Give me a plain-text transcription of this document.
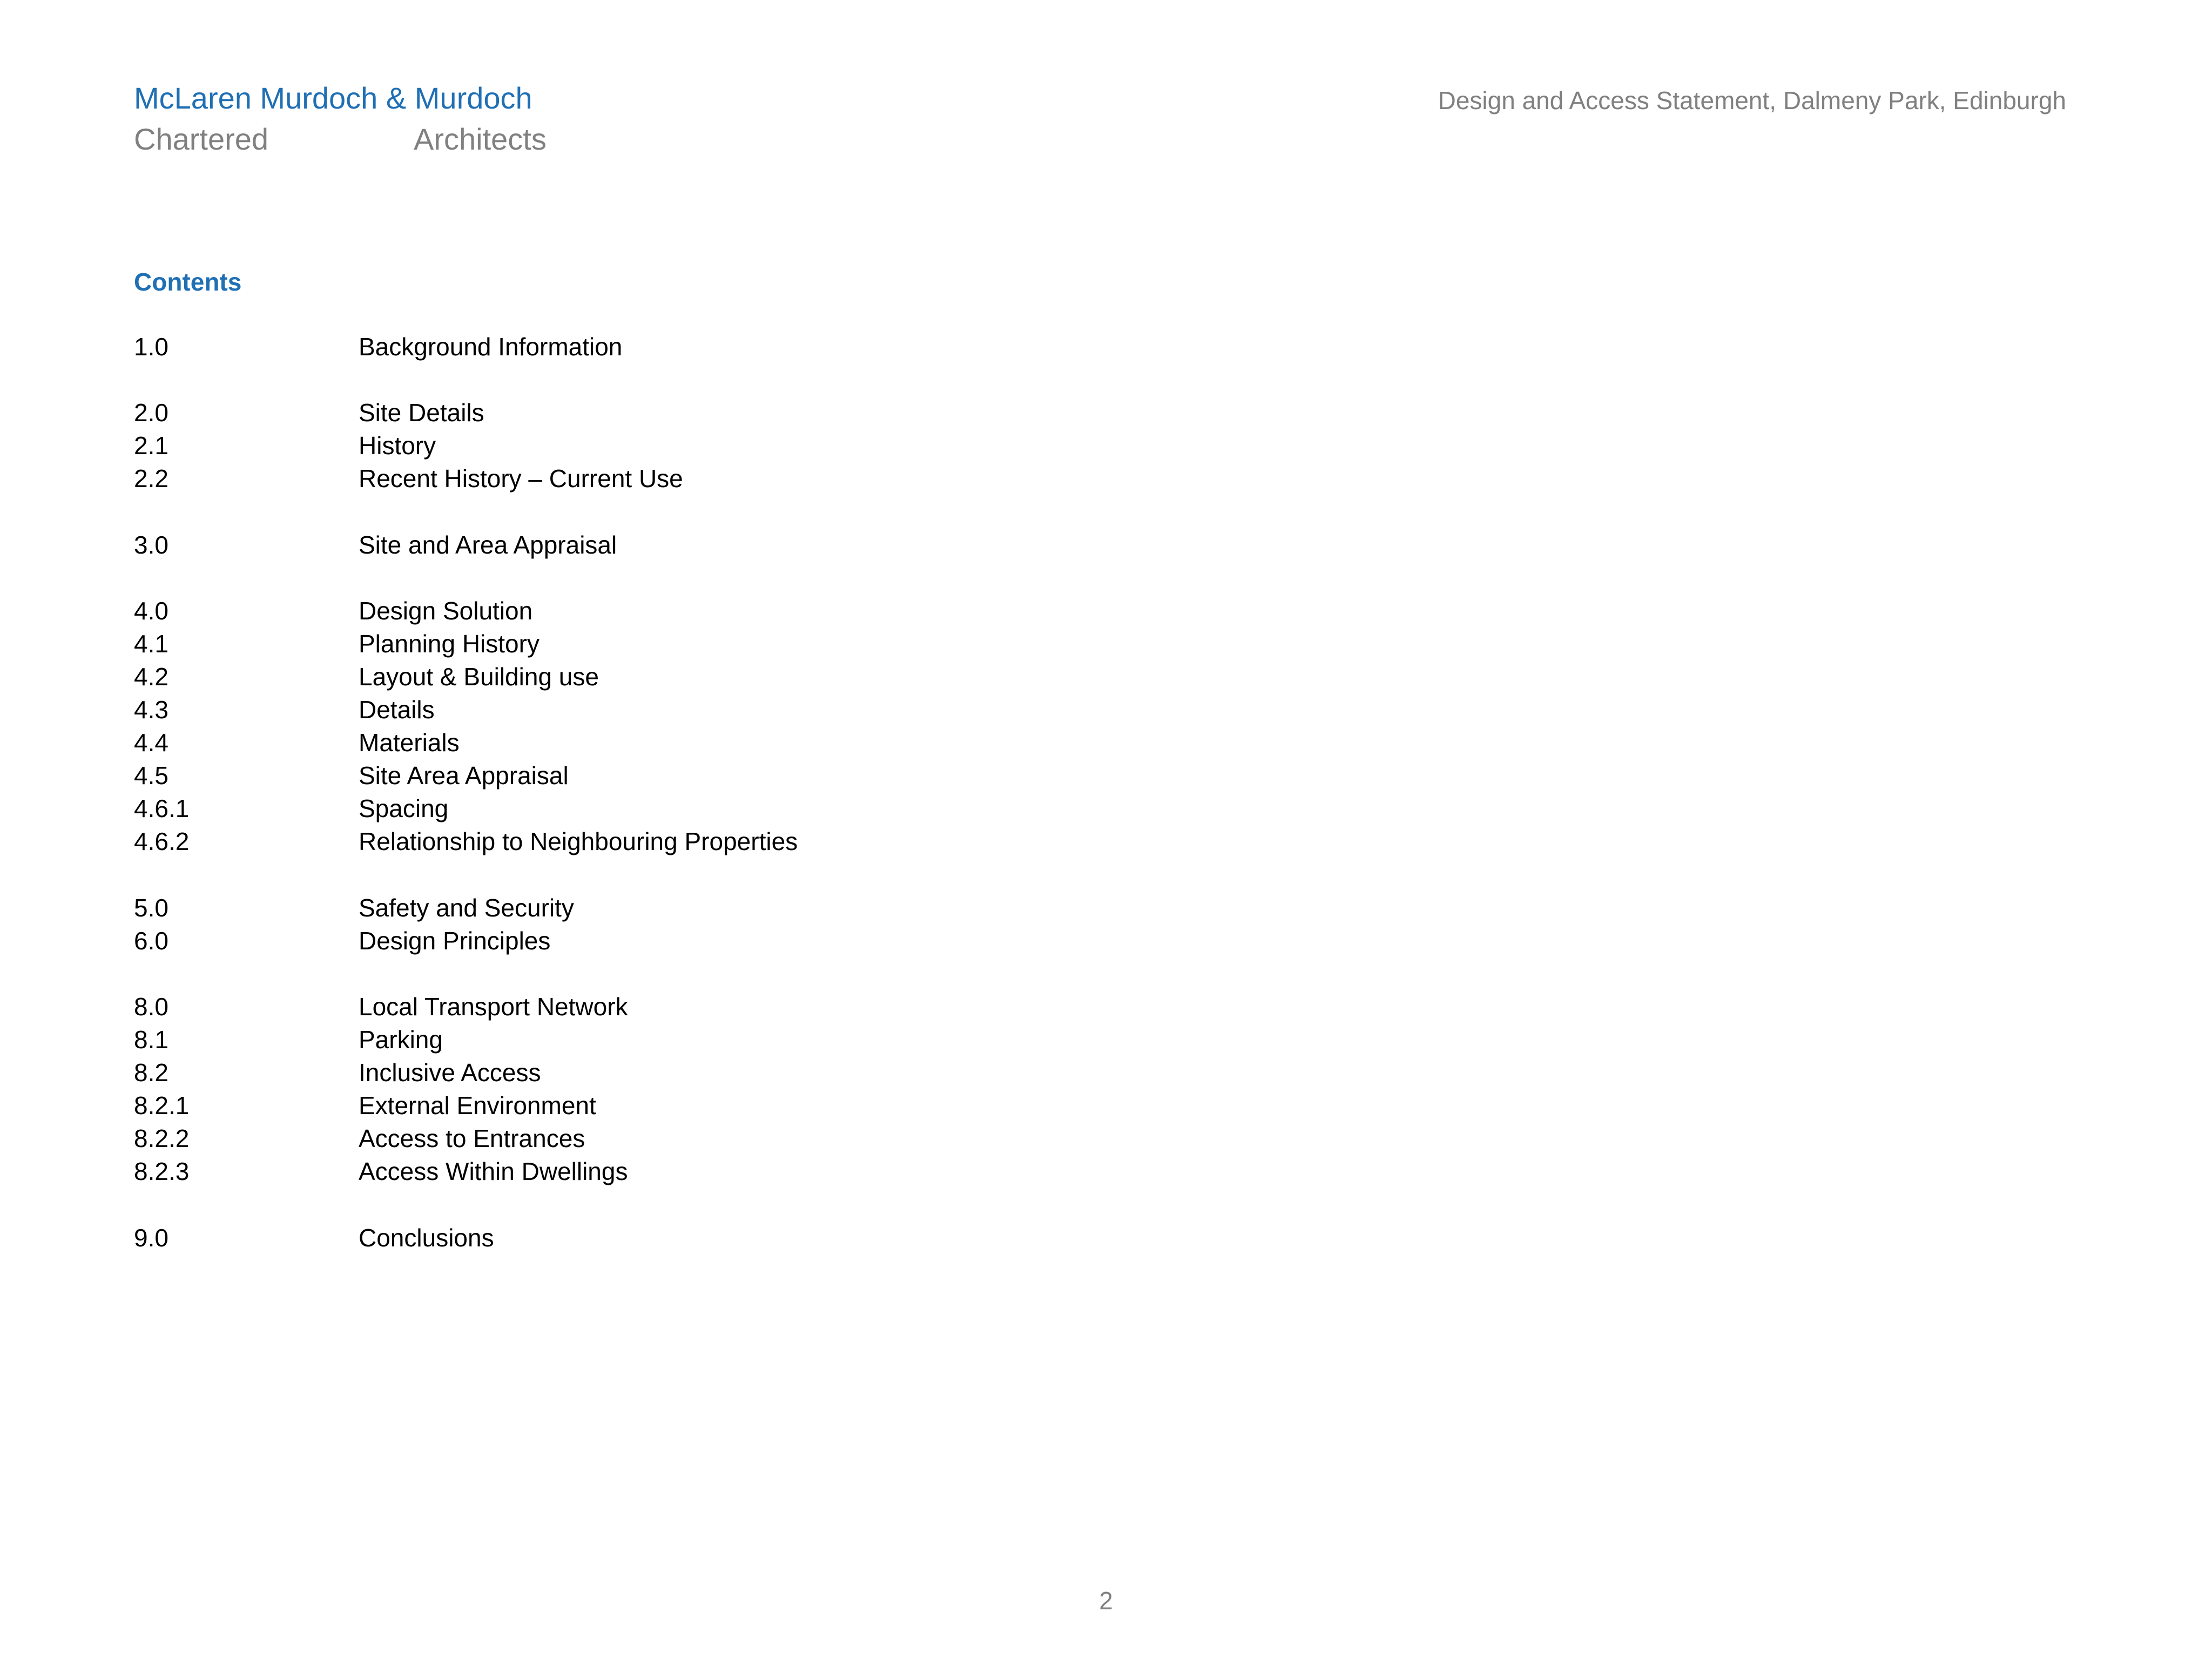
McLaren Murdoch & Murdoch
Chartered	Architects
Design and Access Statement, Dalmeny Park, Edinburgh
Contents
1.0	Background Information
2.0	Site Details
2.1	History
2.2	Recent History – Current Use
3.0	Site and Area Appraisal
4.0	Design Solution
4.1	Planning History
4.2	Layout & Building use
4.3	Details
4.4	Materials
4.5	Site Area Appraisal
4.6.1	Spacing
4.6.2	Relationship to Neighbouring Properties
5.0	Safety and Security
6.0	Design Principles
8.0	Local Transport Network
8.1	Parking
8.2	Inclusive Access
8.2.1	External Environment
8.2.2	Access to Entrances
8.2.3	Access Within Dwellings
9.0	Conclusions
2
